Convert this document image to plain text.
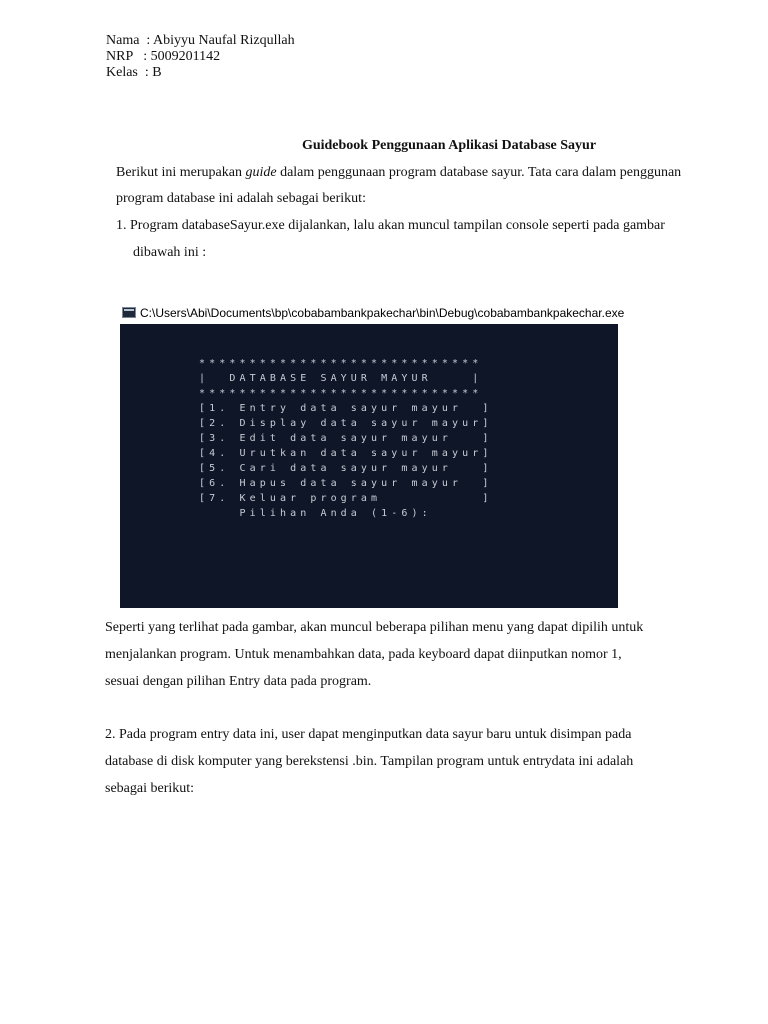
Nama  : Abiyyu Naufal Rizqullah
NRP   : 5009201142
Kelas  : B
Guidebook Penggunaan Aplikasi Database Sayur
Berikut ini merupakan guide dalam penggunaan program database sayur. Tata cara dalam penggunan
program database ini adalah sebagai berikut:
1. Program databaseSayur.exe dijalankan, lalu akan muncul tampilan console seperti pada gambar
dibawah ini :
C:\Users\Abi\Documents\bp\cobabambankpakechar\bin\Debug\cobabambankpakechar.exe
****************************
|  DATABASE SAYUR MAYUR    |
****************************
[1. Entry data sayur mayur  ]
[2. Display data sayur mayur]
[3. Edit data sayur mayur   ]
[4. Urutkan data sayur mayur]
[5. Cari data sayur mayur   ]
[6. Hapus data sayur mayur  ]
[7. Keluar program          ]
Pilihan Anda (1-6):
Seperti yang terlihat pada gambar, akan muncul beberapa pilihan menu yang dapat dipilih untuk
menjalankan program. Untuk menambahkan data, pada keyboard dapat diinputkan nomor 1,
sesuai dengan pilihan Entry data pada program.
2. Pada program entry data ini, user dapat menginputkan data sayur baru untuk disimpan pada
database di disk komputer yang berekstensi .bin. Tampilan program untuk entrydata ini adalah
sebagai berikut:
